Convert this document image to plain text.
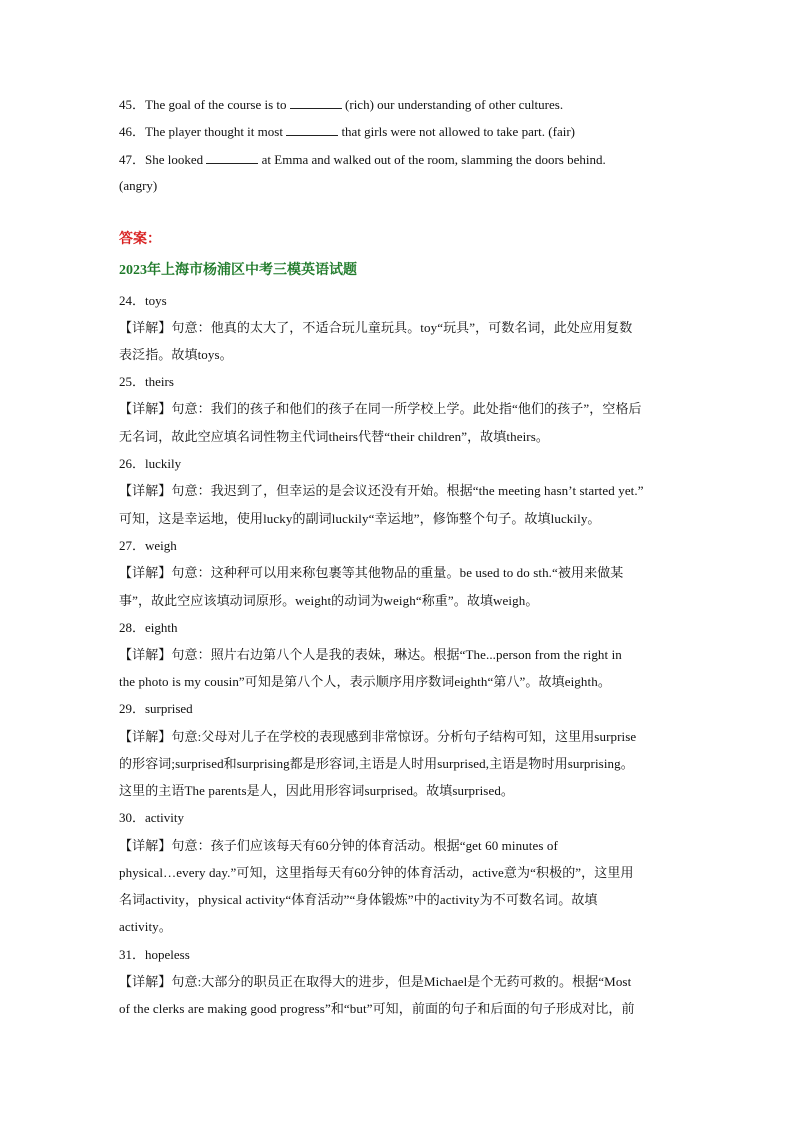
45．The goal of the course is to	(rich) our understanding of other cultures.
46．The player thought it most	that girls were not allowed to take part. (fair)
47．She looked	at Emma and walked out of the room, slamming the doors behind.
(angry)
答案：
2023年上海市杨浦区中考三模英语试题
24．toys
【详解】句意：他真的太大了，不适合玩儿童玩具。toy“玩具”，可数名词，此处应用复数
表泛指。故填toys。
25．theirs
【详解】句意：我们的孩子和他们的孩子在同一所学校上学。此处指“他们的孩子”，空格后
无名词，故此空应填名词性物主代词theirs代替“their children”，故填theirs。
26．luckily
【详解】句意：我迟到了，但幸运的是会议还没有开始。根据“the meeting hasn’t started yet.”
可知，这是幸运地，使用lucky的副词luckily“幸运地”，修饰整个句子。故填luckily。
27．weigh
【详解】句意：这种秤可以用来称包裹等其他物品的重量。be used to do sth.“被用来做某
事”，故此空应该填动词原形。weight的动词为weigh“称重”。故填weigh。
28．eighth
【详解】句意：照片右边第八个人是我的表妹，琳达。根据“The...person from the right in
the photo is my cousin”可知是第八个人，表示顺序用序数词eighth“第八”。故填eighth。
29．surprised
【详解】句意:父母对儿子在学校的表现感到非常惊讶。分析句子结构可知，这里用surprise
的形容词;surprised和surprising都是形容词,主语是人时用surprised,主语是物时用surprising。
这里的主语The parents是人，因此用形容词surprised。故填surprised。
30．activity
【详解】句意：孩子们应该每天有60分钟的体育活动。根据“get 60 minutes of
physical…every day.”可知，这里指每天有60分钟的体育活动，active意为“积极的”，这里用
名词activity，physical activity“体育活动”“身体锻炼”中的activity为不可数名词。故填
activity。
31．hopeless
【详解】句意:大部分的职员正在取得大的进步，但是Michael是个无药可救的。根据“Most
of the clerks are making good progress”和“but”可知，前面的句子和后面的句子形成对比，前
